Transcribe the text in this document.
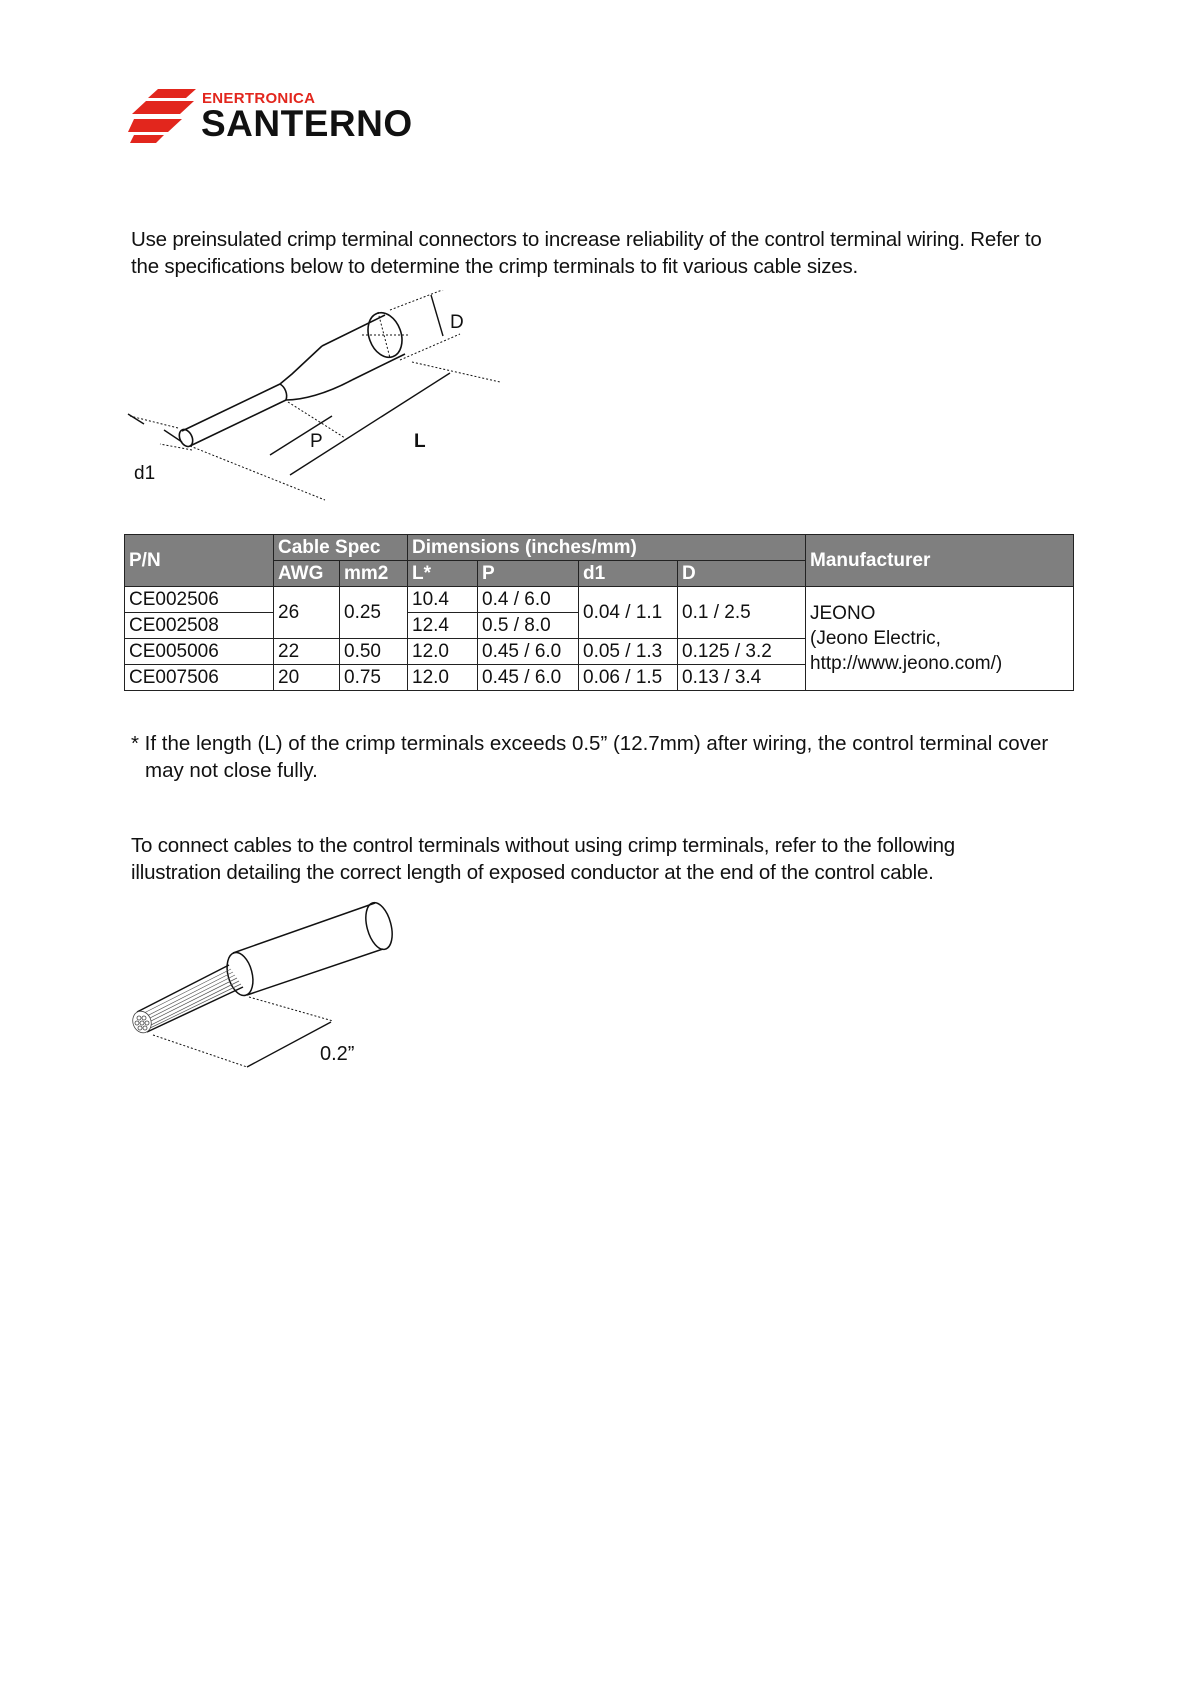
ENERTRONICA
SANTERNO

Use preinsulated crimp terminal connectors to increase reliability of the control terminal wiring. Refer to

the specifications below to determine the crimp terminals to fit various cable sizes.

D
P	L
d1
P/N	Cable Spec		Dimensions (inches/mm)				Manufacturer
	AWG	mm2	L*	P	d1	D	
CE002506	26	0.25	10.4	0.4 / 6.0	0.04 / 1.1	0.1 / 2.5	JEONO
(Jeono Electric,
http://www.jeono.com/)

CE002508			12.4	0.5 / 8.0			
CE005006	22	0.50	12.0	0.45 / 6.0	0.05 / 1.3	0.125 / 3.2	
CE007506	20	0.75	12.0	0.45 / 6.0	0.06 / 1.5	0.13 / 3.4	
* If the length (L) of the crimp terminals exceeds 0.5” (12.7mm) after wiring, the control terminal cover
may not close fully.

To connect cables to the control terminals without using crimp terminals, refer to the following

illustration detailing the correct length of exposed conductor at the end of the control cable.

0.2”
